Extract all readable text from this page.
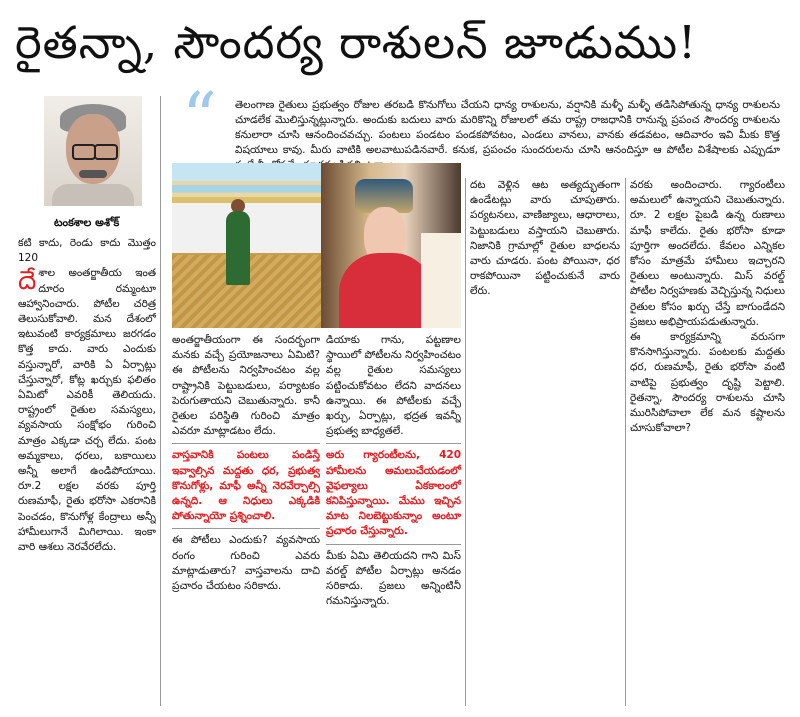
రైతన్నా, సౌందర్య రాశులన్ జూడుము!
టంకశాల అశోక్
“ తెలంగాణ రైతులు ప్రభుత్వం రోజుల తరబడి కొనుగోలు చేయని ధాన్య రాశులను, వర్షానికి మళ్ళీ మళ్ళీ తడిసిపోతున్న ధాన్య రాశులను చూడలేక మొలిస్తున్నట్లున్నారు. అందుకు బదులు వారు మరికొన్ని రోజులలో తమ రాష్ట్ర రాజధానికి రానున్న ప్రపంచ సౌందర్య రాశులను కనులారా చూసి ఆనందించవచ్చు. పంటలు పండటం పండకపోవటం, ఎండలు వానలు, వానకు తడవటం, ఆదివారం ఇవి మీకు కొత్త విషయాలు కావు. మీరు వాటికి అలవాటుపడినవారే. కనుక, ప్రపంచం సుందరులను చూసి ఆనందిస్తూ ఆ పోటీల విశేషాలకు ఎప్పుడూ

కటి కాదు, రెండు కాదు మొత్తం 120

దేశాల అంతర్జాతీయ ఇంత దూరం రమ్మంటూ ఆహ్వానించారు. పోటీల చరిత్ర తెలుసుకోవాలి. మన దేశంలో ఇటువంటి కార్యక్రమాలు జరగడం కొత్త కాదు. వారు ఎందుకు వస్తున్నారో, వారికి ఏ ఏర్పాట్లు చేస్తున్నారో, కోట్ల ఖర్చుకు ఫలితం ఏమిటో ఎవరికీ తెలియదు. రాష్ట్రంలో రైతుల సమస్యలు, వ్యవసాయ సంక్షోభం గురించి మాత్రం ఎక్కడా చర్చ లేదు. పంట అమ్మకాలు, ధరలు, బకాయిలు అన్నీ అలాగే ఉండిపోయాయి. రూ.2 లక్షల వరకు పూర్తి రుణమాఫీ, రైతు భరోసా ఎకరానికి పెంచడం, కొనుగోళ్ల కేంద్రాలు అన్నీ హామీలుగానే మిగిలాయి. ఇంకా వారి ఆశలు నెరవేరలేదు.

అంతర్జాతీయంగా ఈ సందర్భంగా మనకు వచ్చే ప్రయోజనాలు ఏమిటి? ఈ పోటీలను నిర్వహించటం వల్ల రాష్ట్రానికి పెట్టుబడులు, పర్యాటకం పెరుగుతాయని చెబుతున్నారు. కానీ రైతుల పరిస్థితి గురించి మాత్రం ఎవరూ మాట్లాడటం లేదు.

వాస్తవానికి పంటలు పండిస్తే ఇవ్వాల్సిన మద్దతు ధర, ప్రభుత్వ కొనుగోళ్లు, మాఫీ అన్నీ నెరవేర్చాల్సి ఉన్నది. ఆ నిధులు ఎక్కడికి పోతున్నాయో ప్రశ్నించాలి.

ఈ పోటీలు ఎందుకు? వ్యవసాయ రంగం గురించి ఎవరు మాట్లాడుతారు? వాస్తవాలను దాచి ప్రచారం చేయటం సరికాదు.

డియాకు గాను, పట్టణాల స్థాయిలో పోటీలను నిర్వహించటం వల్ల రైతుల సమస్యలు పట్టించుకోవటం లేదని వాదనలు ఉన్నాయి. ఈ పోటీలకు వచ్చే ఖర్చు, ఏర్పాట్లు, భద్రత ఇవన్నీ ప్రభుత్వ బాధ్యతలే.

అరు గ్యారంటీలను, 420 హామీలను అమలుచేయడంలో వైఫల్యాలు ఏకకాలంలో కనిపిస్తున్నాయి. మేము ఇచ్చిన మాట నిలబెట్టుకున్నాం అంటూ ప్రచారం చేస్తున్నారు.

మీకు ఏమి తెలియదని గాని మిస్ వరల్డ్ పోటీల ఏర్పాట్లు అనడం సరికాదు. ప్రజలు అన్నింటినీ గమనిస్తున్నారు.

దట వెళ్లిన ఆట అత్యద్భుతంగా ఉండేటట్లు వారు చూపుతారు. పర్యటనలు, వాణిజ్యాలు, ఆధారాలు, పెట్టుబడులు వస్తాయని చెబుతారు. నిజానికి గ్రామాల్లో రైతుల బాధలను వారు చూడరు. పంట పోయినా, ధర రాకపోయినా పట్టించుకునే వారు లేరు.

వరకు అందించారు. గ్యారంటీలు అమలులో ఉన్నాయని చెబుతున్నారు. రూ. 2 లక్షల పైబడి ఉన్న రుణాలు మాఫీ కాలేదు. రైతు భరోసా కూడా పూర్తిగా అందలేదు. కేవలం ఎన్నికల కోసం మాత్రమే హామీలు ఇచ్చారని రైతులు అంటున్నారు. మిస్ వరల్డ్ పోటీల నిర్వహణకు వెచ్చిస్తున్న నిధులు రైతుల కోసం ఖర్చు చేస్తే బాగుండేదని ప్రజలు అభిప్రాయపడుతున్నారు.

ఈ కార్యక్రమాన్ని వరుసగా కొనసాగిస్తున్నారు. పంటలకు మద్దతు ధర, రుణమాఫీ, రైతు భరోసా వంటి వాటిపై ప్రభుత్వం దృష్టి పెట్టాలి. రైతన్నా, సౌందర్య రాశులను చూసి మురిసిపోవాలా లేక మన కష్టాలను చూసుకోవాలా?
